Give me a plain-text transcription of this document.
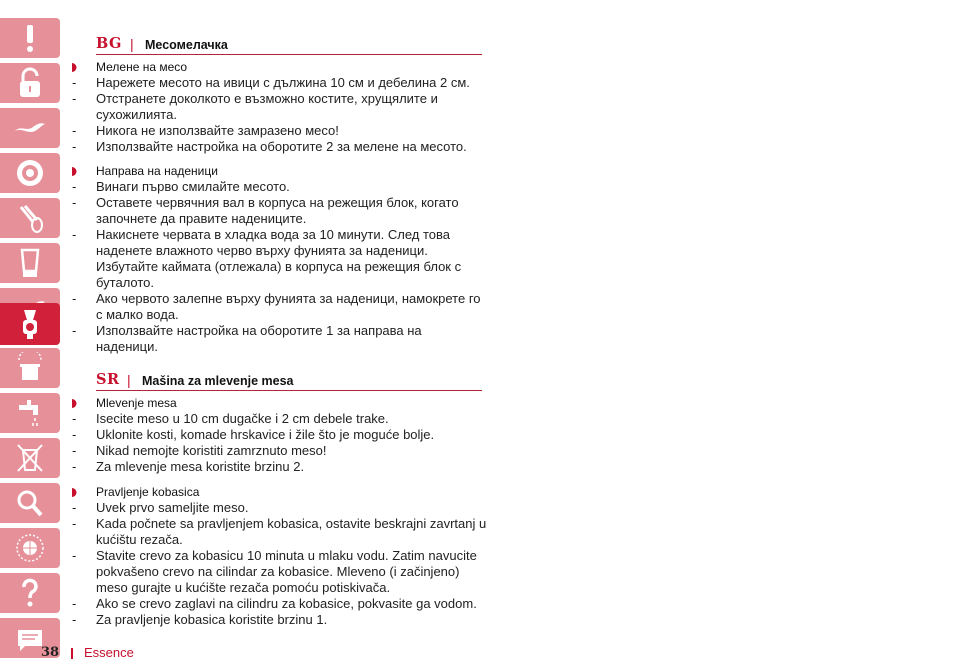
BG | Месомелачка
Мелене на месо
- Нарежете месото на ивици с дължина 10 см и дебелина 2 см.
- Отстранете доколкото е възможно костите, хрущялите и
сухожилията.
- Никога не използвайте замразено месо!
- Използвайте настройка на оборотите 2 за мелене на месото.
Направа на наденици
- Винаги първо смилайте месото.
- Оставете червячния вал в корпуса на режещия блок, когато
започнете да правите надениците.
- Накиснете червата в хладка вода за 10 минути. След това
наденете влажното черво върху фунията за наденици.
Избутайте каймата (отлежала) в корпуса на режещия блок с
буталото.
- Ако червото залепне върху фунията за наденици, намокрете го
с малко вода.
- Използвайте настройка на оборотите 1 за направа на
наденици.
SR | Mašina za mlevenje mesa
Mlevenje mesa
- Isecite meso u 10 cm dugačke i 2 cm debele trake.
- Uklonite kosti, komade hrskavice i žile što je moguće bolje.
- Nikad nemojte koristiti zamrznuto meso!
- Za mlevenje mesa koristite brzinu 2.
Pravljenje kobasica
- Uvek prvo sameljite meso.
- Kada počnete sa pravljenjem kobasica, ostavite beskrajni zavrtanj u
kućištu rezača.
- Stavite crevo za kobasicu 10 minuta u mlaku vodu. Zatim navucite
pokvašeno crevo na cilindar za kobasice. Mleveno (i začinjeno)
meso gurajte u kućište rezača pomoću potiskivača.
- Ako se crevo zaglavi na cilindru za kobasice, pokvasite ga vodom.
- Za pravljenje kobasica koristite brzinu 1.
38 Essence
